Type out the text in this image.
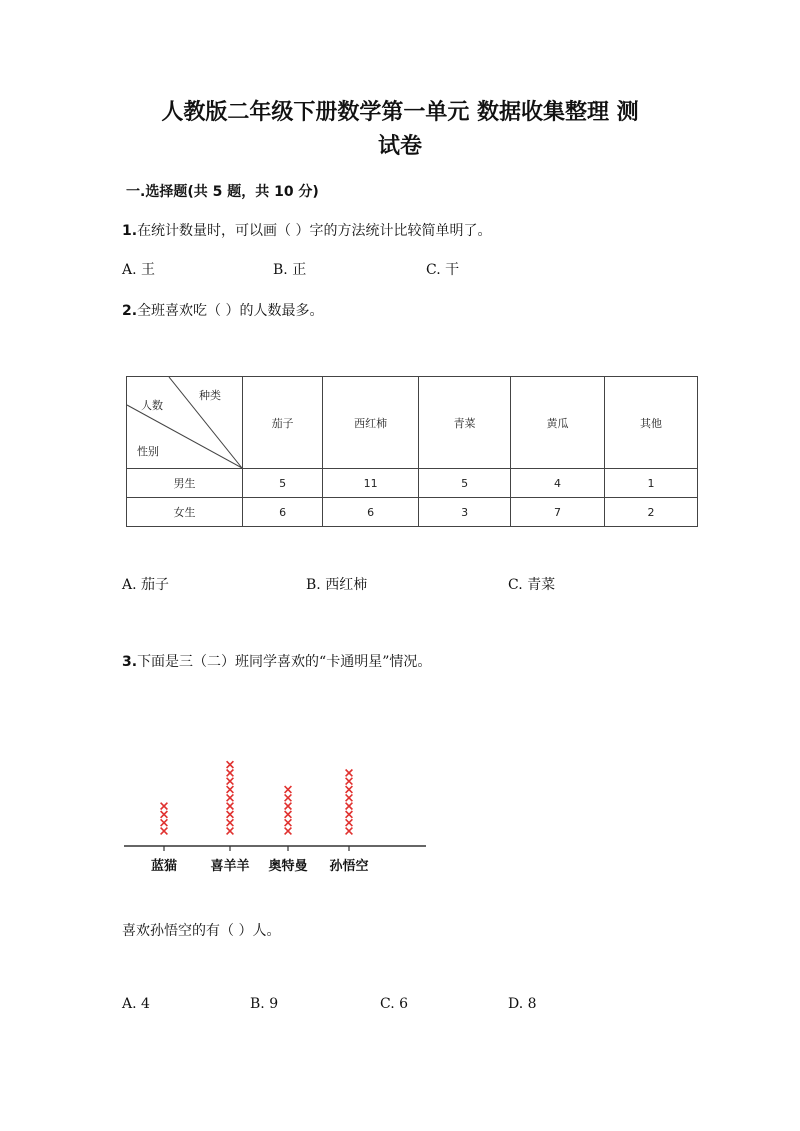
人教版二年级下册数学第一单元 数据收集整理 测
试卷
一.选择题(共 5 题，共 10 分)
1.在统计数量时，可以画（ ）字的方法统计比较简单明了。
A. 王	B. 正	C. 干
2.全班喜欢吃（ ）的人数最多。
种类
人数
性别	茄子	西红柿	青菜	黄瓜	其他
男生	5	11	5	4	1
女生	6	6	3	7	2
A. 茄子	B. 西红柿	C. 青菜
3.下面是三（二）班同学喜欢的“卡通明星”情况。
蓝猫	喜羊羊 奥特曼 孙悟空
喜欢孙悟空的有（ ）人。
A. 4	B. 9	C. 6	D. 8
